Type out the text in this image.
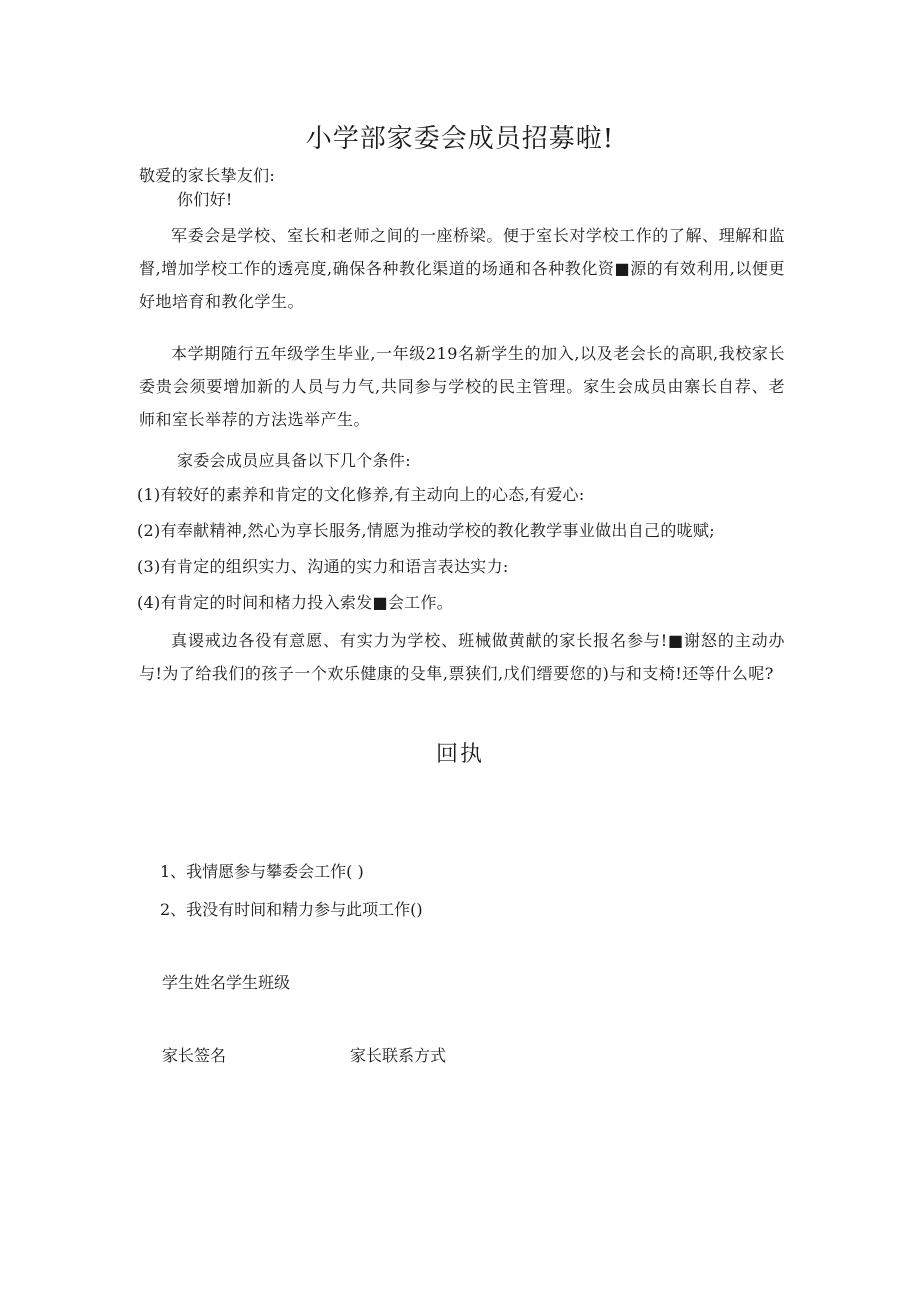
小学部家委会成员招募啦!
敬爱的家长挚友们:
你们好!
军委会是学校、室长和老师之间的一座桥梁。便于室长对学校工作的了解、理解和监督,增加学校工作的透亮度,确保各种教化渠道的场通和各种教化资■源的有效利用,以便更好地培育和教化学生。
本学期随行五年级学生毕业,一年级219名新学生的加入,以及老会长的高职,我校家长委贵会须要增加新的人员与力气,共同参与学校的民主管理。家生会成员由寨长自荐、老师和室长举荐的方法选举产生。
家委会成员应具备以下几个条件:
(1)有较好的素养和肯定的文化修养,有主动向上的心态,有爱心:
(2)有奉献精神,然心为享长服务,情愿为推动学校的教化教学事业做出自己的咙赋;
(3)有肯定的组织实力、沟通的实力和语言表达实力:
(4)有肯定的时间和楮力投入索发■会工作。
真谡戒边各役有意愿、有实力为学校、班械做黄献的家长报名参与!■谢怒的主动办与!为了给我们的孩子一个欢乐健康的殳隼,票狭们,戊们缙要您的)与和支椅!还等什么呢?
回执
1、我情愿参与攀委会工作( )
2、我没有时间和精力参与此项工作()
学生姓名学生班级
家长签名	家长联系方式
